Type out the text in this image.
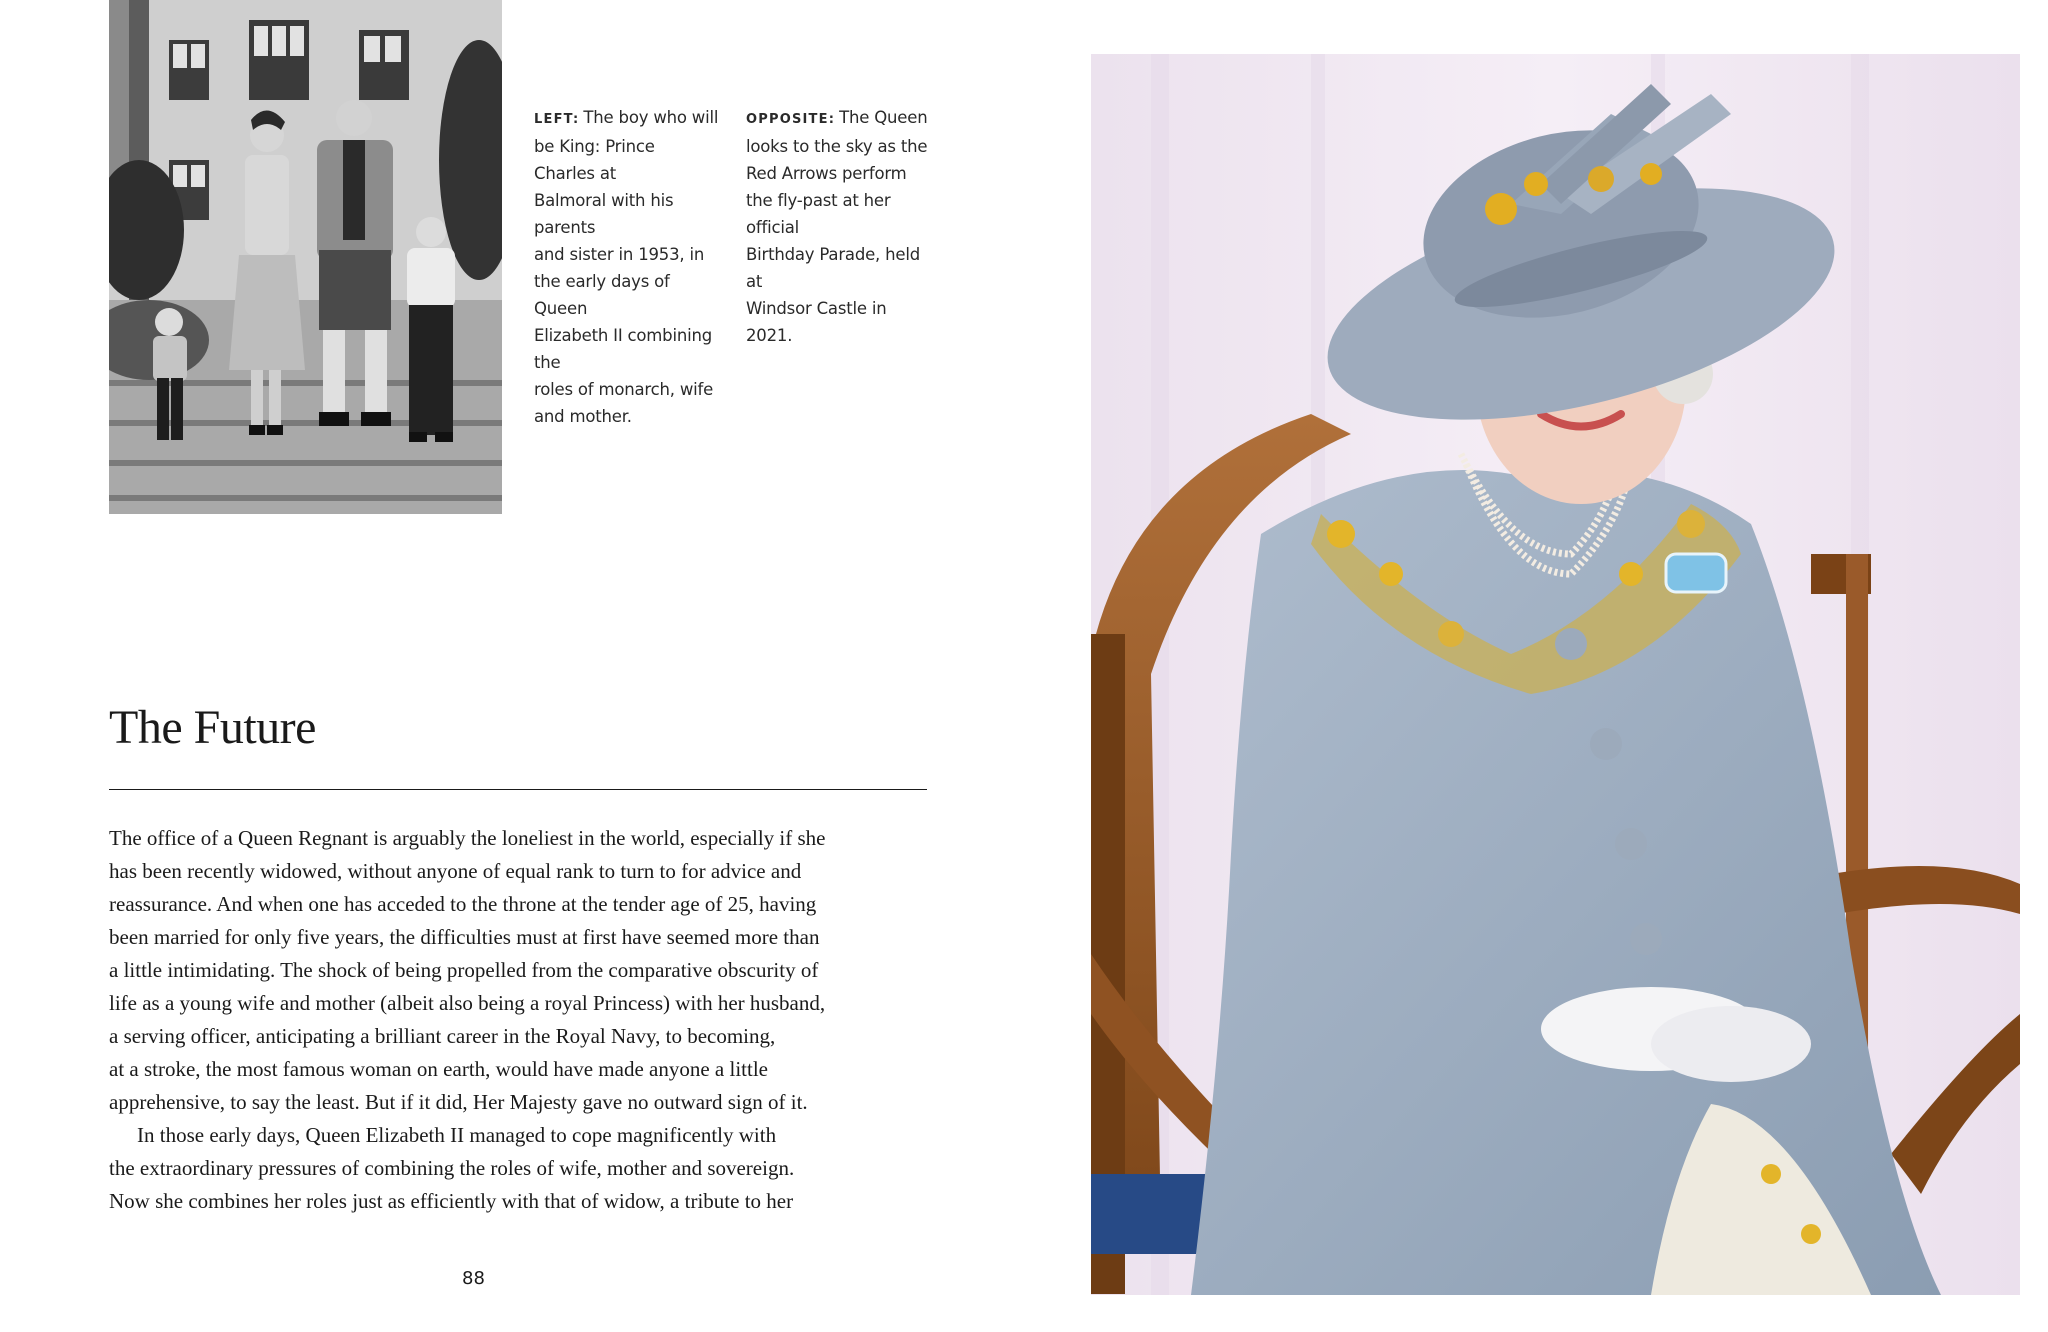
LEFT: The boy who will
be King: Prince Charles at
Balmoral with his parents
and sister in 1953, in
the early days of Queen
Elizabeth II combining the
roles of monarch, wife
and mother.
OPPOSITE: The Queen
looks to the sky as the
Red Arrows perform
the fly-past at her official
Birthday Parade, held at
Windsor Castle in 2021.
The Future
The office of a Queen Regnant is arguably the loneliest in the world, especially if she
has been recently widowed, without anyone of equal rank to turn to for advice and
reassurance. And when one has acceded to the throne at the tender age of 25, having
been married for only five years, the difficulties must at first have seemed more than
a little intimidating. The shock of being propelled from the comparative obscurity of
life as a young wife and mother (albeit also being a royal Princess) with her husband,
a serving officer, anticipating a brilliant career in the Royal Navy, to becoming,
at a stroke, the most famous woman on earth, would have made anyone a little
apprehensive, to say the least. But if it did, Her Majesty gave no outward sign of it.
In those early days, Queen Elizabeth II managed to cope magnificently with
the extraordinary pressures of combining the roles of wife, mother and sovereign.
Now she combines her roles just as efficiently with that of widow, a tribute to her
88
